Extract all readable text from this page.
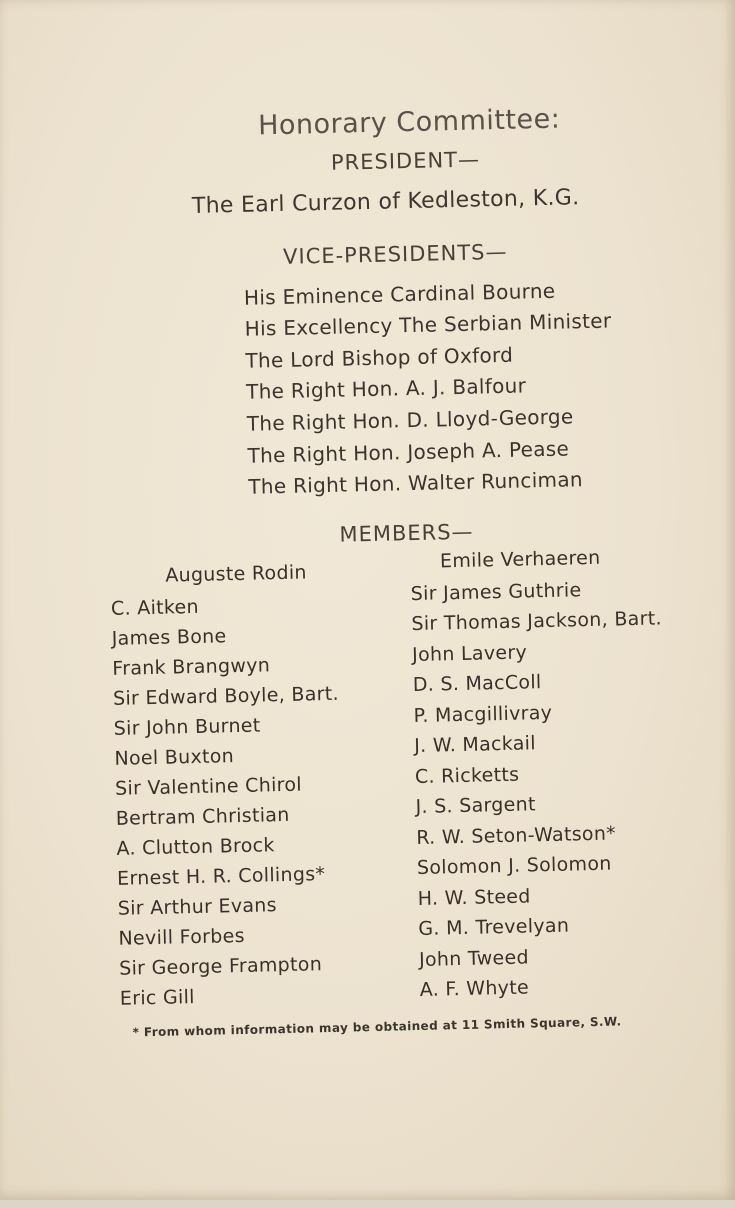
Honorary Committee:
PRESIDENT—
The Earl Curzon of Kedleston, K.G.
VICE-PRESIDENTS—
His Eminence Cardinal Bourne
His Excellency The Serbian Minister
The Lord Bishop of Oxford
The Right Hon. A. J. Balfour
The Right Hon. D. Lloyd-George
The Right Hon. Joseph A. Pease
The Right Hon. Walter Runciman
MEMBERS—
Auguste Rodin
C. Aitken
James Bone
Frank Brangwyn
Sir Edward Boyle, Bart.
Sir John Burnet
Noel Buxton
Sir Valentine Chirol
Bertram Christian
A. Clutton Brock
Ernest H. R. Collings*
Sir Arthur Evans
Nevill Forbes
Sir George Frampton
Eric Gill
Emile Verhaeren
Sir James Guthrie
Sir Thomas Jackson, Bart.
John Lavery
D. S. MacColl
P. Macgillivray
J. W. Mackail
C. Ricketts
J. S. Sargent
R. W. Seton-Watson*
Solomon J. Solomon
H. W. Steed
G. M. Trevelyan
John Tweed
A. F. Whyte
* From whom information may be obtained at 11 Smith Square, S.W.
